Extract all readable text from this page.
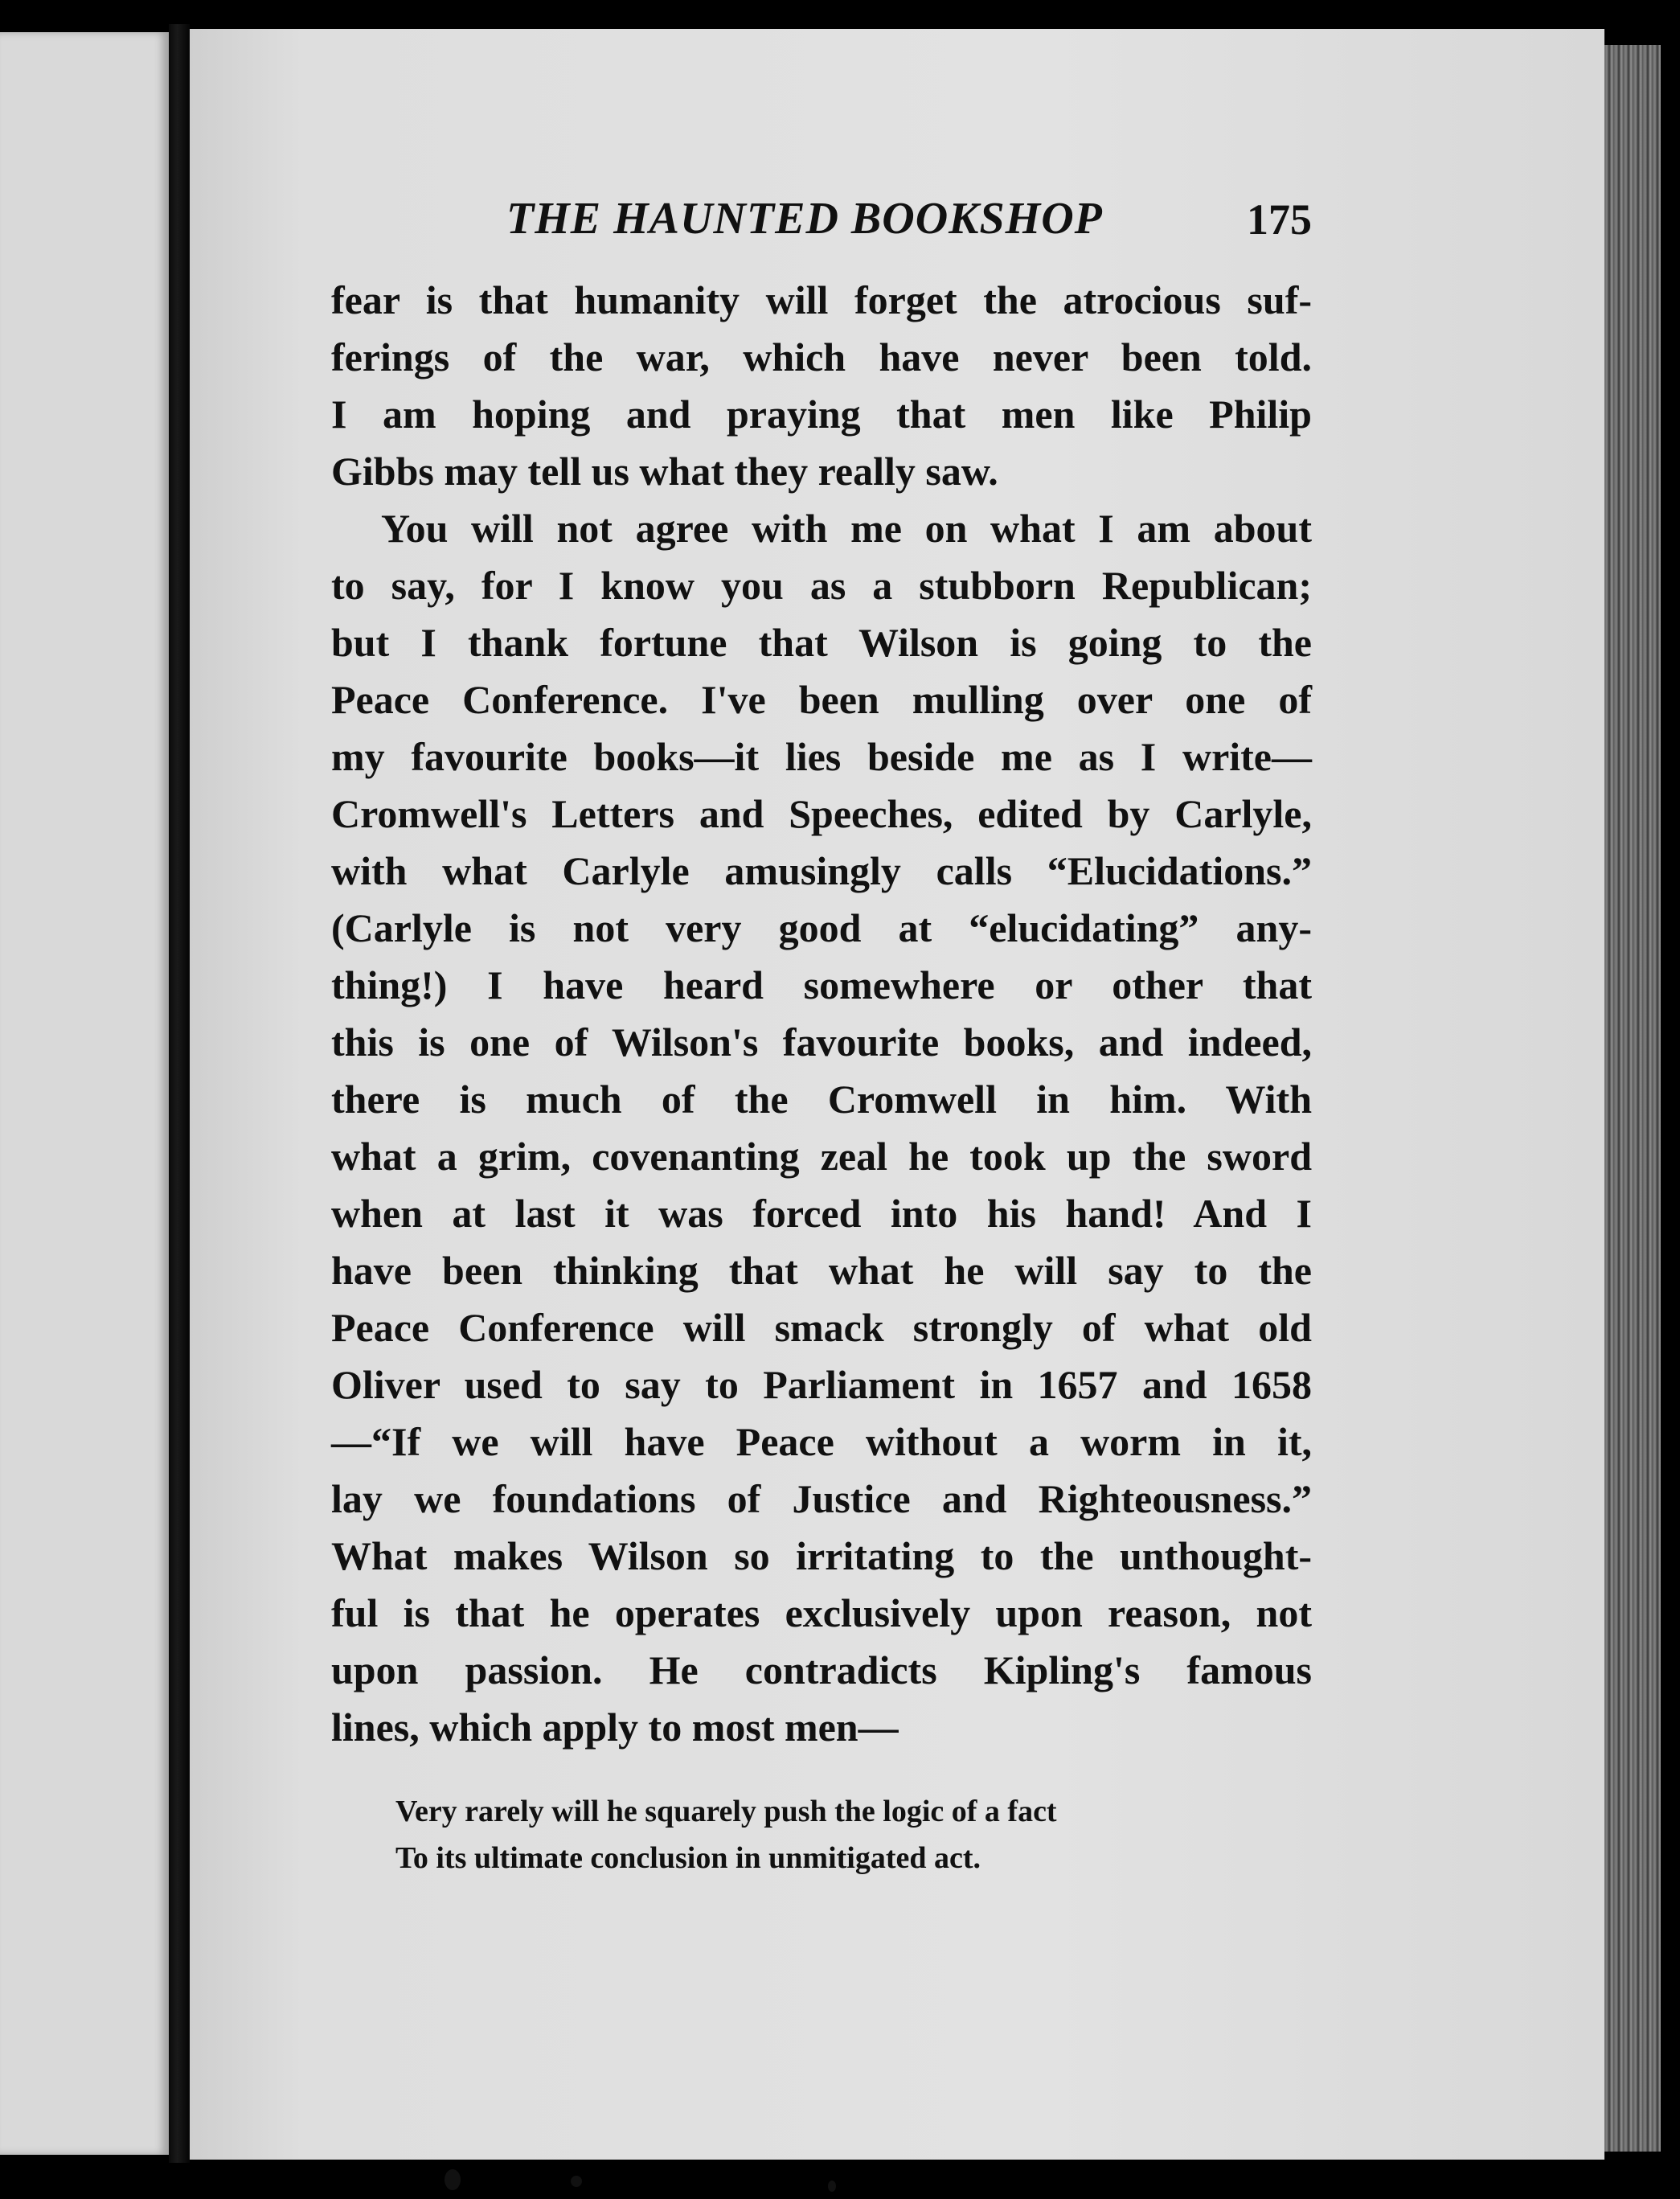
THE HAUNTED BOOKSHOP	175
fear is that humanity will forget the atrocious suf-
ferings of the war, which have never been told.
I am hoping and praying that men like Philip
Gibbs may tell us what they really saw.
You will not agree with me on what I am about
to say, for I know you as a stubborn Republican;
but I thank fortune that Wilson is going to the
Peace Conference. I've been mulling over one of
my favourite books—it lies beside me as I write—
Cromwell's Letters and Speeches, edited by Carlyle,
with what Carlyle amusingly calls “Elucidations.”
(Carlyle is not very good at “elucidating” any-
thing!) I have heard somewhere or other that
this is one of Wilson's favourite books, and indeed,
there is much of the Cromwell in him. With
what a grim, covenanting zeal he took up the sword
when at last it was forced into his hand! And I
have been thinking that what he will say to the
Peace Conference will smack strongly of what old
Oliver used to say to Parliament in 1657 and 1658
—“If we will have Peace without a worm in it,
lay we foundations of Justice and Righteousness.”
What makes Wilson so irritating to the unthought-
ful is that he operates exclusively upon reason, not
upon passion. He contradicts Kipling's famous
lines, which apply to most men—
Very rarely will he squarely push the logic of a fact
To its ultimate conclusion in unmitigated act.
